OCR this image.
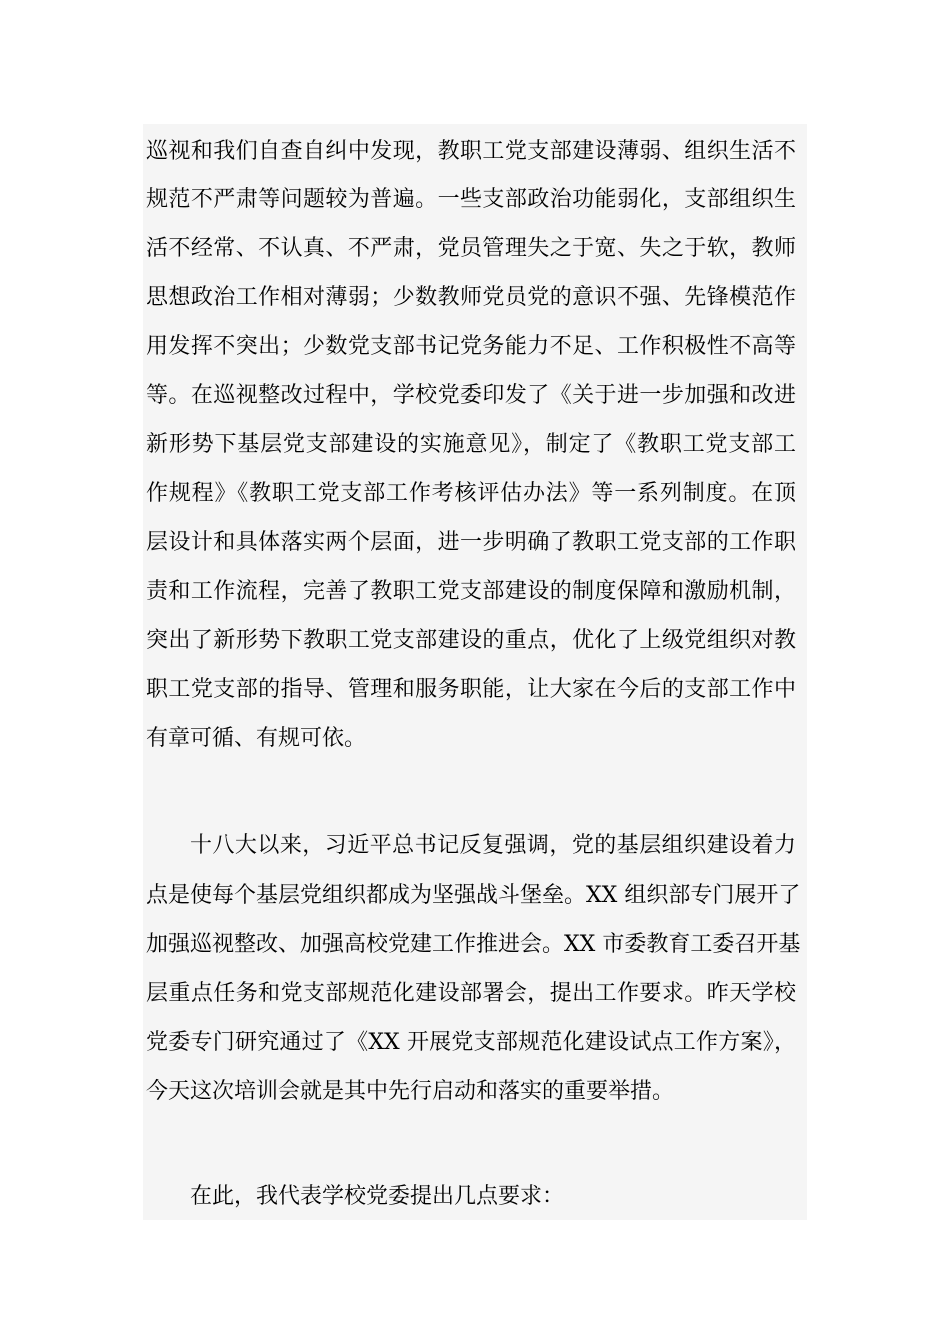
巡视和我们自查自纠中发现，教职工党支部建设薄弱、组织生活不
规范不严肃等问题较为普遍。一些支部政治功能弱化，支部组织生
活不经常、不认真、不严肃，党员管理失之于宽、失之于软，教师
思想政治工作相对薄弱；少数教师党员党的意识不强、先锋模范作
用发挥不突出；少数党支部书记党务能力不足、工作积极性不高等
等。在巡视整改过程中，学校党委印发了《关于进一步加强和改进
新形势下基层党支部建设的实施意见》，制定了《教职工党支部工
作规程》《教职工党支部工作考核评估办法》等一系列制度。在顶
层设计和具体落实两个层面，进一步明确了教职工党支部的工作职
责和工作流程，完善了教职工党支部建设的制度保障和激励机制，
突出了新形势下教职工党支部建设的重点，优化了上级党组织对教
职工党支部的指导、管理和服务职能，让大家在今后的支部工作中
有章可循、有规可依。
十八大以来，习近平总书记反复强调，党的基层组织建设着力
点是使每个基层党组织都成为坚强战斗堡垒。XX 组织部专门展开了
加强巡视整改、加强高校党建工作推进会。XX 市委教育工委召开基
层重点任务和党支部规范化建设部署会，提出工作要求。昨天学校
党委专门研究通过了《XX 开展党支部规范化建设试点工作方案》，
今天这次培训会就是其中先行启动和落实的重要举措。
在此，我代表学校党委提出几点要求：
